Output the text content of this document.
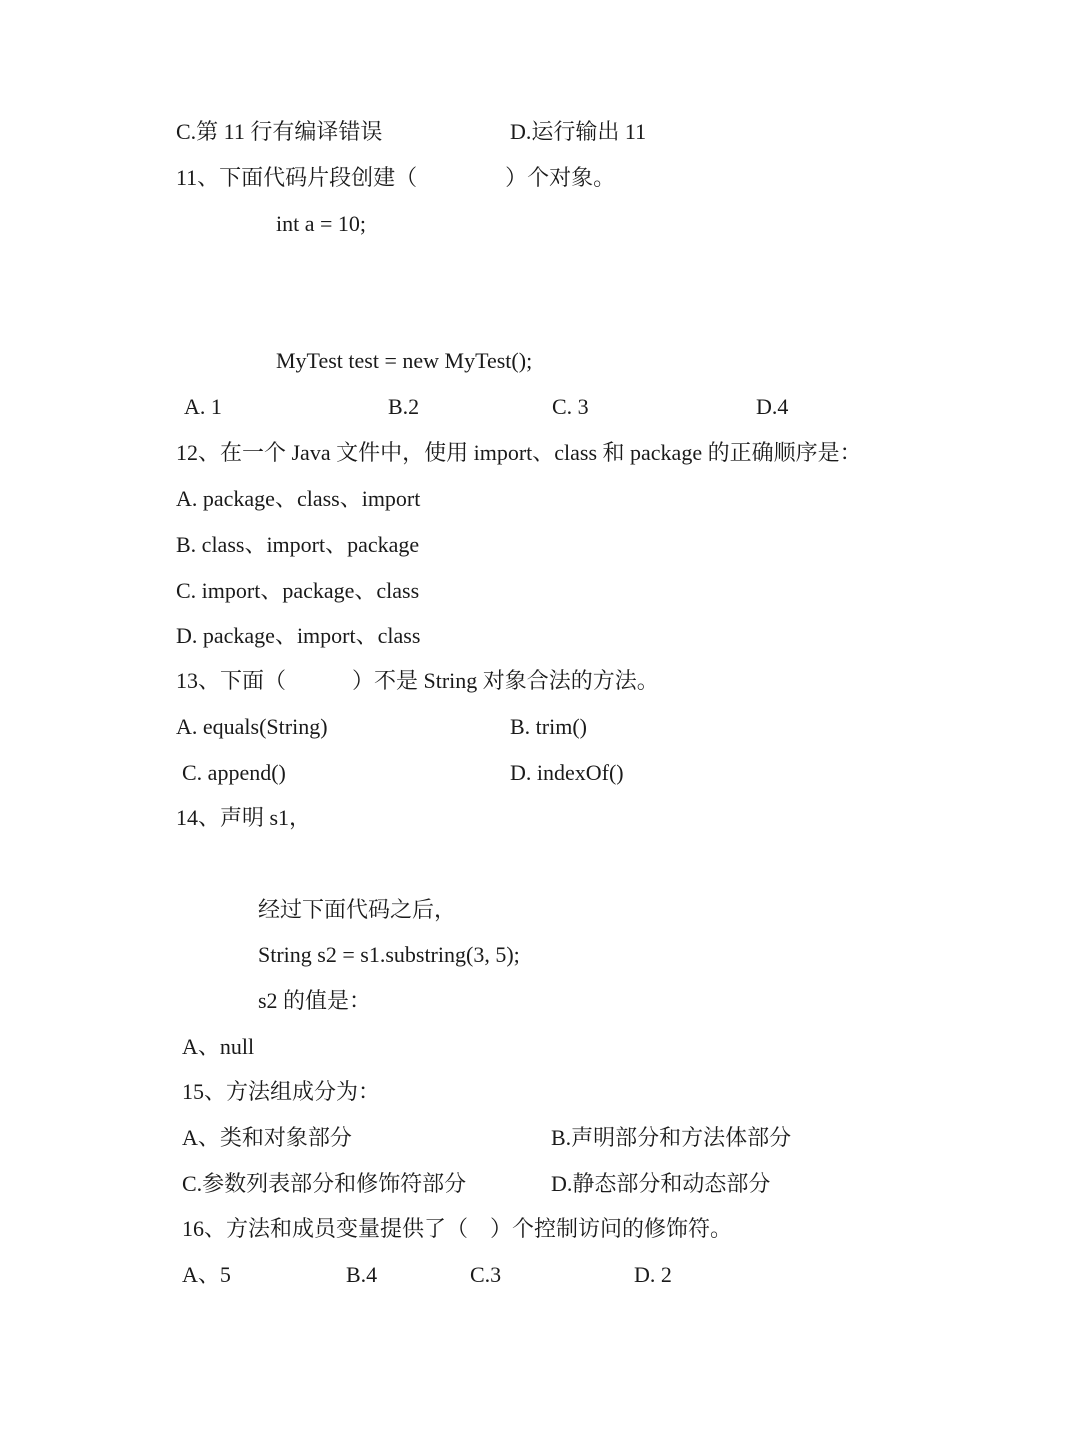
C.第 11 行有编译错误	D.运行输出 11
11、下面代码片段创建（　　　　）个对象。
int a = 10;
MyTest test = new MyTest();
A. 1	B.2	C. 3	D.4
12、在一个 Java 文件中，使用 import、class 和 package 的正确顺序是：
A. package、class、import
B. class、import、package
C. import、package、class
D. package、import、class
13、下面（　　　）不是 String 对象合法的方法。
A. equals(String)	B. trim()
C. append()	D. indexOf()
14、声明 s1，
经过下面代码之后，
String s2 = s1.substring(3, 5);
s2 的值是：
A、null
15、方法组成分为：
A、类和对象部分	B.声明部分和方法体部分
C.参数列表部分和修饰符部分	D.静态部分和动态部分
16、方法和成员变量提供了（　）个控制访问的修饰符。
A、5	B.4	C.3	D. 2
